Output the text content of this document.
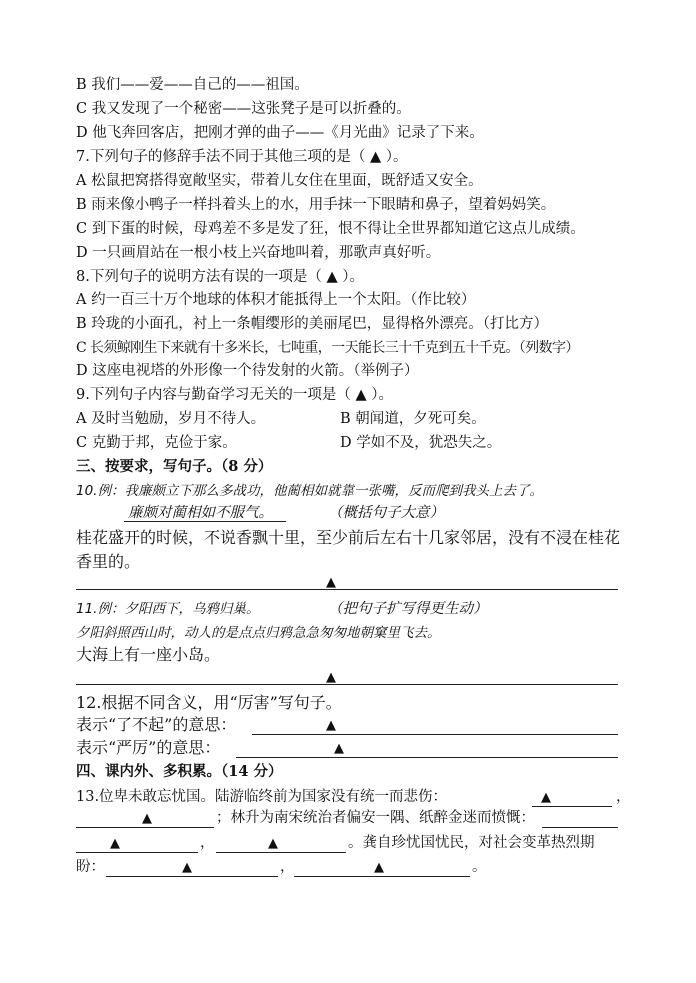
B 我们——爱——自己的——祖国。
C 我又发现了一个秘密——这张凳子是可以折叠的。
D 他飞奔回客店，把刚才弹的曲子——《月光曲》记录了下来。
7.下列句子的修辞手法不同于其他三项的是（ ▲ ）。
A 松鼠把窝搭得宽敞坚实，带着儿女住在里面，既舒适又安全。
B 雨来像小鸭子一样抖着头上的水，用手抹一下眼睛和鼻子，望着妈妈笑。
C 到下蛋的时候，母鸡差不多是发了狂，恨不得让全世界都知道它这点儿成绩。
D 一只画眉站在一根小枝上兴奋地叫着，那歌声真好听。
8.下列句子的说明方法有误的一项是（ ▲ ）。
A 约一百三十万个地球的体积才能抵得上一个太阳。（作比较）
B 玲珑的小面孔，衬上一条帽缨形的美丽尾巴，显得格外漂亮。（打比方）
C 长须鲸刚生下来就有十多米长，七吨重，一天能长三十千克到五十千克。（列数字）
D 这座电视塔的外形像一个待发射的火箭。（举例子）
9.下列句子内容与勤奋学习无关的一项是（ ▲ ）。
A 及时当勉励，岁月不待人。	B 朝闻道，夕死可矣。
C 克勤于邦，克俭于家。	D 学如不及，犹恐失之。
三、按要求，写句子。（8 分）
10.例：我廉颇立下那么多战功，他蔺相如就靠一张嘴，反而爬到我头上去了。
廉颇对蔺相如不服气。	（概括句子大意）
桂花盛开的时候，不说香飘十里，至少前后左右十几家邻居，没有不浸在桂花
香里的。
▲
11.例：夕阳西下，乌鸦归巢。	（把句子扩写得更生动）
夕阳斜照西山时，动人的是点点归鸦急急匆匆地朝窠里飞去。
大海上有一座小岛。
▲
12.根据不同含义，用“厉害”写句子。
表示“了不起”的意思：	▲
表示“严厉”的意思：	▲
四、课内外、多积累。（14 分）
13.位卑未敢忘忧国。陆游临终前为国家没有统一而悲伤：	▲	，
▲	；林升为南宋统治者偏安一隅、纸醉金迷而愤慨：
▲	，	▲	。龚自珍忧国忧民，对社会变革热烈期
盼：	▲	，	▲	。
